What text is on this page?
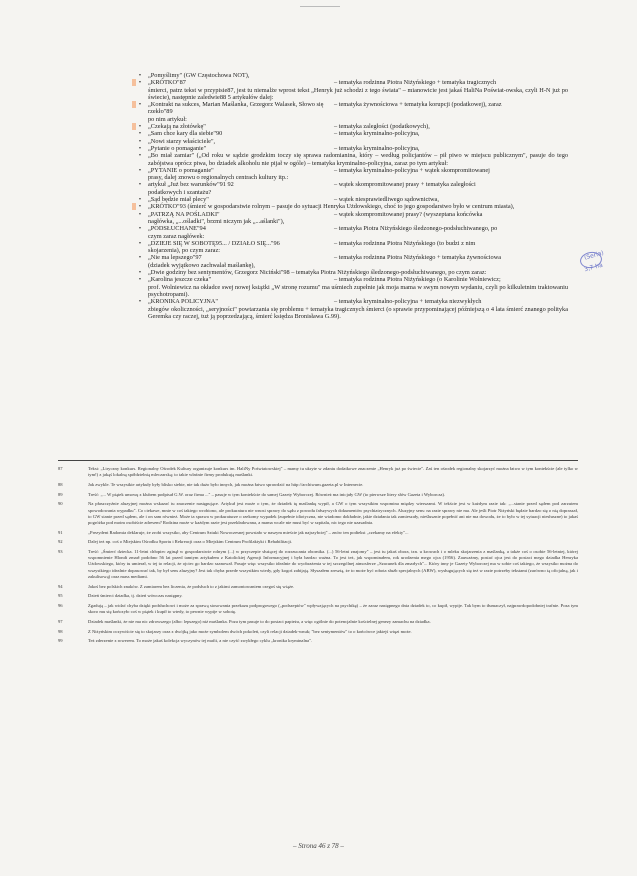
•	„Pomyślimy" (GW Częstochowa NOT),
•	„KRÓTKO"87	– tematyka rodzinna Piotra Niżyńskiego + tematyka tragicznych
śmierci, patrz tekst w przypisie87, jest tu niemalże wprost tekst „Henryk już schodzi z tego świata" – mianowicie jest jakaś HaliNa Poświat-owska, czyli H-N już po świecie), następnie zaledwie88 5 artykułów dalej:
•	„Kontrakt na sukces, Marian Maślanka, Grzegorz Walasek, Słowo się rzekło"89– tematyka żywnościowa + tematyka korupcji (podatkowej), zaraz
po nim artykuł:
•	„Czekają na złotówkę"	– tematyka zaległości (podatkowych),
•	„Sam chce kary dla siebie"90	– tematyka kryminalno-policyjna,
•	„Nowi starzy właściciele",
•	„Pytanie o pomaganie"	– tematyka kryminalno-policyjna,
•	„Bo miał zamiar" („Od roku w sądzie grodzkim toczy się sprawa radomianina, który – według policjantów – pił piwo w miejscu publicznym", pasuje do tego zabójstwa oprócz piwa, bo dziadek alkoholu nie pijał w ogóle) – tematyka kryminalno-policyjna, zaraz po tym artykuł:
•	„PYTANIE o pomaganie"	– tematyka kryminalno-policyjna + wątek skompromitowanej
prasy, dalej znowu o regionalnych centrach kultury itp.:
•	artykuł „Już bez warunków"91 92	– wątek skompromitowanej prasy + tematyka zaległości
podatkowych i szantażu?
•	„Sąd będzie miał plecy"	– wątek niesprawiedliwego sądownictwa,
•	„KRÓTKO"93 (śmierć w gospodarstwie rolnym – pasuje do sytuacji Henryka Użdowskiego, choć to jego gospodarstwo było w centrum miasta),
•	„PATRZĄ NA POŚLADKI"	– wątek skompromitowanej prasy? (wyszeptana końcówka
nagłówka, „...ośladki", brzmi niczym jak „...aślanki"),
•	„PODSŁUCHANE"94	– tematyka Piotra Niżyńskiego śledzonego-podsłuchiwanego, po
czym zaraz nagłówek:
•	„DZIEJE SIĘ W SOBOTĘ95... / DZIAŁO SIĘ..."96	– tematyka rodzinna Piotra Niżyńskiego (to budzi z nim
skojarzenia), po czym zaraz:
•	„Nie ma lepszego"97	– tematyka rodzinna Piotra Niżyńskiego + tematyka żywnościowa
(dziadek wyjątkowo zachwalał maślankę),
•	„Dwie godziny bez sentymentów, Grzegorz Niciński"98 – tematyka Piotra Niżyńskiego śledzonego-podsłuchiwanego, po czym zaraz:
•	„Karolina jeszcze czeka"	– tematyka rodzinna Piotra Niżyńskiego (o Karolinie Wolniewicz;
prof. Wolniewicz na okładce swej nowej książki „W stronę rozumu" ma uśmiech zupełnie jak moja mama w swym nowym wydaniu, czyli po kilkuletnim traktowaniu psychotropami).
•	„KRONIKA POLICYJNA"	– tematyka kryminalno-policyjna + tematyka niezwykłych
zbiegów okoliczności, „seryjności" powtarzania się problemu + tematyka tragicznych śmierci (o sprawie przypominającej późniejszą o 4 lata śmierć znanego polityka Geremka czy raczej, tuż ją poprzedzającą, śmierć księdza Bronisława G.99).
(Seria)
3,7 ha
87	Tekst: „Liryczny konkurs. Regionalny Ośrodek Kultury organizuje konkurs im. HaliNy Poświatowskiej" – mamy tu ukryte w zdaniu dodatkowe znaczenie „Henryk już po świecie". Zaś ten ośrodek regionalny skojarzyć można łatwo w tym kontekście (ale tylko w tym!) z jakąś lokalną spółdzielnią mleczarską; to takie właśnie firmy produkują maślanki.
88	Jak zwykle. Te wszystkie artykuły były blisko siebie, nie tak dużo było innych, jak można łatwo sprawdzić na http://archiwum.gazeta.pl w Internecie.
89	Treść: „... W piątek umowę z klubem podpisał G.W. oraz firma ..." – pasuje w tym kontekście do samej Gazety Wyborczej. Również ma inicjały GW (to pierwsze litery słów Gazeta i Wyborcza).
90	Na płaszczyźnie aluzyjnej można wskazać tu znaczenie następujące. Artykuł jest może o tym, że dziadek tę maślankę wypił, a GW o tym wszystkim wspomina między wierszami. W tekście jest w każdym razie tak: „...stanie przed sądem pod zarzutem spowodowania wypadku". Co ciekawe, mnie w coś takiego wrobiono, ale prokuratura nie wnosi sprawy do sądu z powodu fałszywych dokumentów psychiatrycznych. Aluzyjny sens: na razie sprawy nie ma. Ale jeśli Piotr Niżyński będzie bardzo się o nią dopraszał, to GW stanie przed sądem, ale i on sam również. Może ta sprawa w prokuraturze o rzekomy wypadek (zupełnie idiotyczna, nie wiadomo dokładnie, jakie działania tak zamieszały, nieślusznie popełnić ani nie ma dowodu, że to było w tej sytuacji niesłuszne) to jakaś pogróżka pod moim osobiście adresem? Rodzina może w każdym razie jest przekładowana, a mama wcale nie musi być w szpitalu, nic tego nie uzasadnia.
91	„Prezydent Radomia deklaruje, że zrobi wszystko, aby Centrum Sztuki Nowoczesnej powstało w naszym mieście jak najszybciej" – znów ten podtekst „czekamy na efekty"...
92	Dalej też np. coś o Miejskim Ośrodku Sportu i Rekreacji oraz o Miejskim Centrum Profilaktyki i Rehabilitacji.
93	Treść: „Śmierć dziecka. 11-letni chłopiec zginął w gospodarstwie rolnym (...) w przyczepie służącej do rozrzucania obornika. (...) 56-letni znajomy" – jest tu jakaś obora, tzn. u krowach i o mleku skojarzenia z maślanką, a także coś o osobie 56-letniej, której wspomnienie Hlondt zmarł podobno 56 lat przed tamtym artykułem z Katolickiej Agencji Informacyjnej i była bardzo ważna. To jest też, jak wspominałem, rok urodzenia mego ojca (1956). Zauważmy, postać ojca jest do postaci mego dziadka Henryka Użdowskiego, który tu umierał, w tej to relacji, że ojciec go bardzo szanował. Pasuje więc wszystko idealnie do wyobrażenia w tej szczególnej atmosferze „Szacunek dla zmarłych"... Który inny je Gazety Wyborczej ma w sobie coś takiego, że wszystko można do wszystkiego idealnie dopasować tak, by był sens aluzyjny? Jest tak chyba przede wszystkim wtedy, gdy kogoś zabijają. Słyszałem zresztą, że to może być robota służb specjalnych (ABW), wysługujących się też w razie potrzeby tekstami (zarówno tą oficjalną, jak i zakulisową) oraz mass mediami.
94	Jakoś bez polskich znaków. Z zamiarem bez liczenia, że podsłuch to z jakimi zamontowaniem czegoś się wiąże.
95	Dzień śmierci dziadka, tj. dzień wówczas następny.
96	Zgadują – jak widać chyba dzięki podsłuchowi i może za sprawą stosowania przekazu podprogowego („podszeptów" wpływających na psychikę) – że zaraz następnego dnia dziadek to, co kupił, wypije. Tak bym to tłumaczył, najprawdopodobniej trafnie. Poza tym skoro mu się kończyło coś w piątek i kupił to wtedy, to pewnie wypije w sobotę.
97	Dziadek maślanki, że nie ma nic zdrowszego (albo: lepszego) niż maślanka. Poza tym pasuje to do postaci papieża, a więc ogólnie do potencjalnie kościelnej genezy zamachu na dziadka.
98	Z Niżyńskim oczywiście się to skojarzy oraz z dwójką jako może symbolem dwóch pokoleń, czyli relacji dziadek-wnuk; "bez sentymentów" to o końcówce jakiejś więzi może.
99	Też zderzenie z rowerem. To może jakaś kolekcja wyczynów tej mafii, a nie czyść zwykłego cyklu „kronika kryminalna".
– Strona 46 z 78 –
